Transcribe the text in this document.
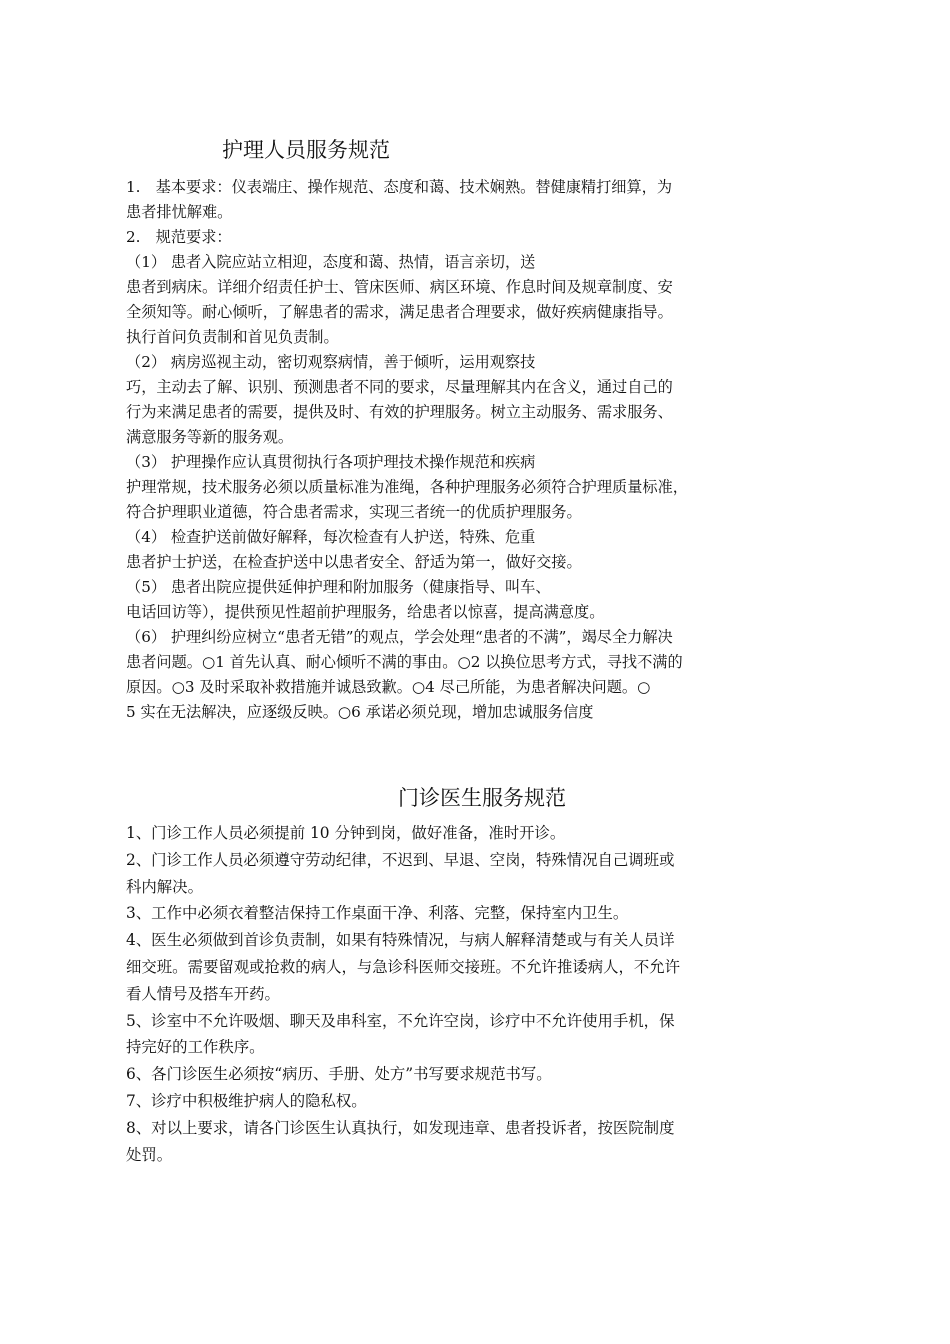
护理人员服务规范
1.　基本要求：仪表端庄、操作规范、态度和蔼、技术娴熟。替健康精打细算，为
患者排忧解难。
2.　规范要求：
（1） 患者入院应站立相迎，态度和蔼、热情，语言亲切，送
患者到病床。详细介绍责任护士、管床医师、病区环境、作息时间及规章制度、安
全须知等。耐心倾听，了解患者的需求，满足患者合理要求，做好疾病健康指导。
执行首问负责制和首见负责制。
（2） 病房巡视主动，密切观察病情，善于倾听，运用观察技
巧，主动去了解、识别、预测患者不同的要求，尽量理解其内在含义，通过自己的
行为来满足患者的需要，提供及时、有效的护理服务。树立主动服务、需求服务、
满意服务等新的服务观。
（3） 护理操作应认真贯彻执行各项护理技术操作规范和疾病
护理常规，技术服务必须以质量标准为准绳，各种护理服务必须符合护理质量标准，
符合护理职业道德，符合患者需求，实现三者统一的优质护理服务。
（4） 检查护送前做好解释，每次检查有人护送，特殊、危重
患者护士护送，在检查护送中以患者安全、舒适为第一，做好交接。
（5） 患者出院应提供延伸护理和附加服务（健康指导、叫车、
电话回访等），提供预见性超前护理服务，给患者以惊喜，提高满意度。
（6） 护理纠纷应树立“患者无错”的观点，学会处理“患者的不满”，竭尽全力解决
患者问题。○1 首先认真、耐心倾听不满的事由。○2 以换位思考方式，寻找不满的
原因。○3 及时采取补救措施并诚恳致歉。○4 尽己所能，为患者解决问题。○
5 实在无法解决，应逐级反映。○6 承诺必须兑现，增加忠诚服务信度
门诊医生服务规范
1、门诊工作人员必须提前 10 分钟到岗，做好准备，准时开诊。
2、门诊工作人员必须遵守劳动纪律，不迟到、早退、空岗，特殊情况自己调班或
科内解决。
3、工作中必须衣着整洁保持工作桌面干净、利落、完整，保持室内卫生。
4、医生必须做到首诊负责制，如果有特殊情况，与病人解释清楚或与有关人员详
细交班。需要留观或抢救的病人，与急诊科医师交接班。不允许推诿病人，不允许
看人情号及搭车开药。
5、诊室中不允许吸烟、聊天及串科室，不允许空岗，诊疗中不允许使用手机，保
持完好的工作秩序。
6、各门诊医生必须按“病历、手册、处方”书写要求规范书写。
7、诊疗中积极维护病人的隐私权。
8、对以上要求，请各门诊医生认真执行，如发现违章、患者投诉者，按医院制度
处罚。
